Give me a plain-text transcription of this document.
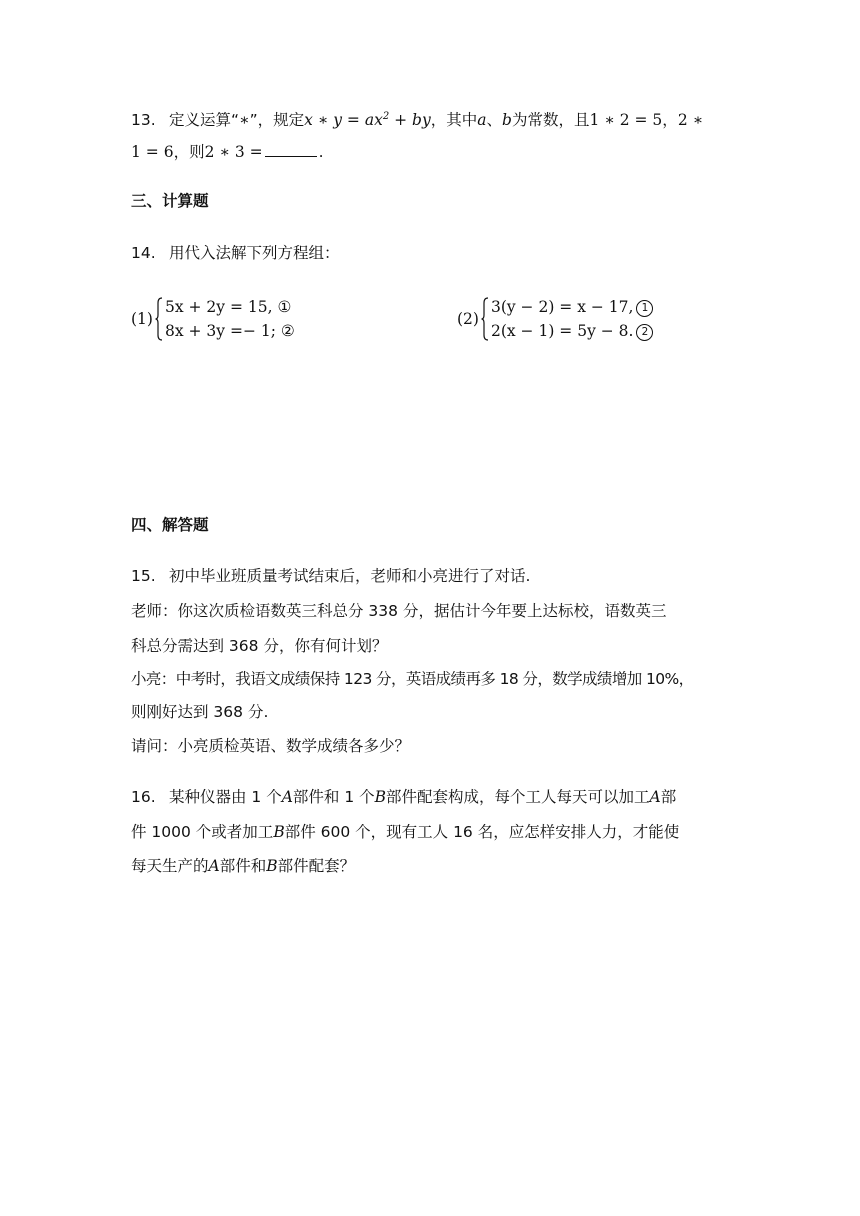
13. 定义运算“∗”，规定x ∗ $y = ax^2$ + by，其中a、b为常数，且1 ∗ 2 = 5，2 ∗
1 = 6，则2 ∗ 3 =	.
三、计算题
14. 用代入法解下列方程组：
(1)
5x + 2y = 15, ①
8x + 3y =− 1; ②
(2)
3(y − 2) = x − 17, 1
2(x − 1) = 5y − 8. 2
四、解答题
15. 初中毕业班质量考试结束后，老师和小亮进行了对话.
老师：你这次质检语数英三科总分 338 分，据估计今年要上达标校，语数英三
科总分需达到 368 分，你有何计划？
小亮：中考时，我语文成绩保持 123 分，英语成绩再多 18 分，数学成绩增加 10%，
则刚好达到 368 分.
请问：小亮质检英语、数学成绩各多少？
16. 某种仪器由 1 个A部件和 1 个B部件配套构成，每个工人每天可以加工A部
件 1000 个或者加工B部件 600 个，现有工人 16 名，应怎样安排人力，才能使
每天生产的A部件和B部件配套？
